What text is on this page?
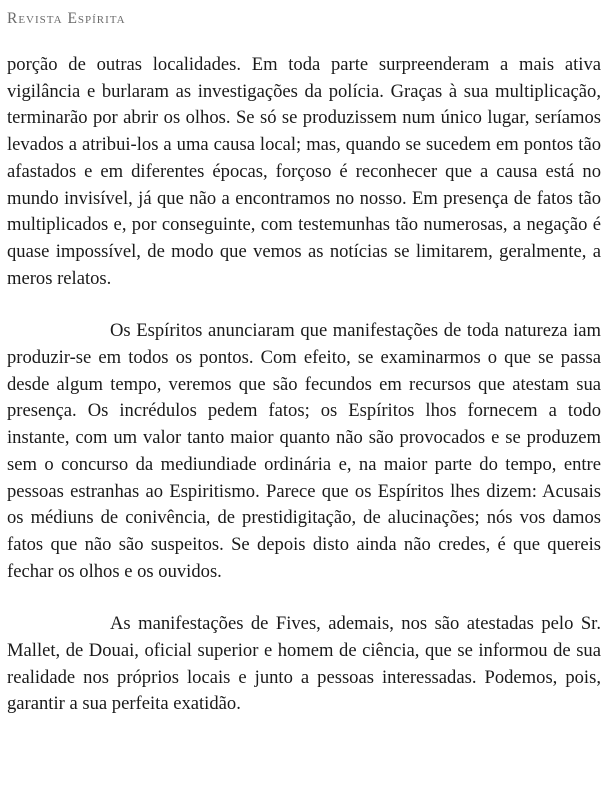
Revista Espírita

porção de outras localidades. Em toda parte surpreenderam a mais ativa vigilância e burlaram as investigações da polícia. Graças à sua multiplicação, terminarão por abrir os olhos. Se só se produzissem num único lugar, seríamos levados a atribui-los a uma causa local; mas, quando se sucedem em pontos tão afastados e em diferentes épocas, forçoso é reconhecer que a causa está no mundo invisível, já que não a encontramos no nosso. Em presença de fatos tão multiplicados e, por conseguinte, com testemunhas tão numerosas, a negação é quase impossível, de modo que vemos as notícias se limitarem, geralmente, a meros relatos.

Os Espíritos anunciaram que manifestações de toda natureza iam produzir-se em todos os pontos. Com efeito, se examinarmos o que se passa desde algum tempo, veremos que são fecundos em recursos que atestam sua presença. Os incrédulos pedem fatos; os Espíritos lhos fornecem a todo instante, com um valor tanto maior quanto não são provocados e se produzem sem o concurso da mediundiade ordinária e, na maior parte do tempo, entre pessoas estranhas ao Espiritismo. Parece que os Espíritos lhes dizem: Acusais os médiuns de conivência, de prestidigitação, de alucinações; nós vos damos fatos que não são suspeitos. Se depois disto ainda não credes, é que quereis fechar os olhos e os ouvidos.

As manifestações de Fives, ademais, nos são atestadas pelo Sr. Mallet, de Douai, oficial superior e homem de ciência, que se informou de sua realidade nos próprios locais e junto a pessoas interessadas. Podemos, pois, garantir a sua perfeita exatidão.
